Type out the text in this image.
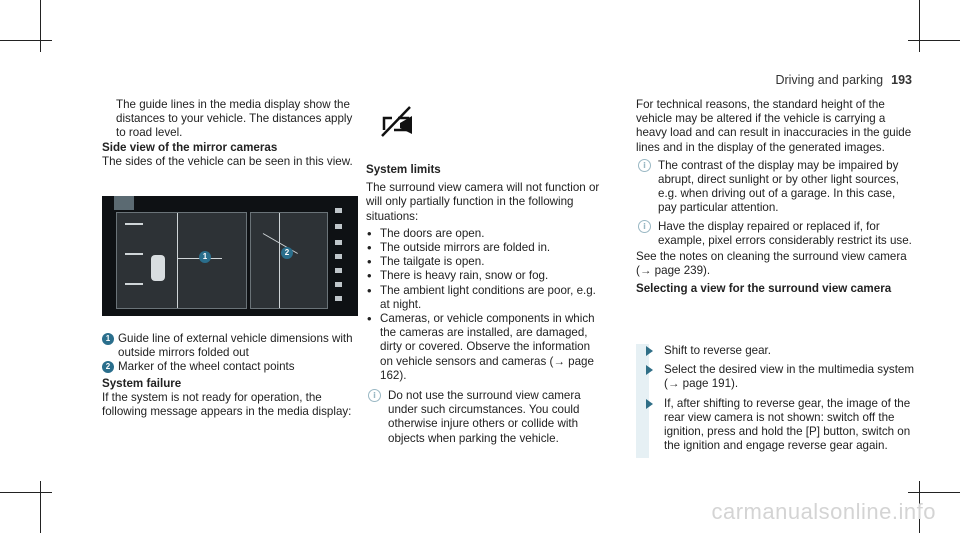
Driving and parking 193

The guide lines in the media display show the distances to your vehicle. The distances apply to road level.

Side view of the mirror cameras

The sides of the vehicle can be seen in this view.

1	2

1 Guide line of external vehicle dimensions with outside mirrors folded out

2 Marker of the wheel contact points

System failure

If the system is not ready for operation, the following message appears in the media display:

System limits

The surround view camera will not function or will only partially function in the following situations:

• The doors are open.
• The outside mirrors are folded in.
• The tailgate is open.
• There is heavy rain, snow or fog.
• The ambient light conditions are poor, e.g. at night.
• Cameras, or vehicle components in which the cameras are installed, are damaged, dirty or covered. Observe the information on vehicle sensors and cameras (→ page 162).
i	Do not use the surround view camera under such circumstances. You could otherwise injure others or collide with objects when parking the vehicle.

For technical reasons, the standard height of the vehicle may be altered if the vehicle is carrying a heavy load and can result in inaccuracies in the guide lines and in the display of the generated images.

i	The contrast of the display may be impaired by abrupt, direct sunlight or by other light sources, e.g. when driving out of a garage. In this case, pay particular attention.
i	Have the display repaired or replaced if, for example, pixel errors considerably restrict its use.

See the notes on cleaning the surround view camera (→ page 239).

Selecting a view for the surround view camera

Shift to reverse gear.
Select the desired view in the multimedia system (→ page 191).
If, after shifting to reverse gear, the image of the rear view camera is not shown: switch off the ignition, press and hold the [P] button, switch on the ignition and engage reverse gear again.
carmanualsonline.info
